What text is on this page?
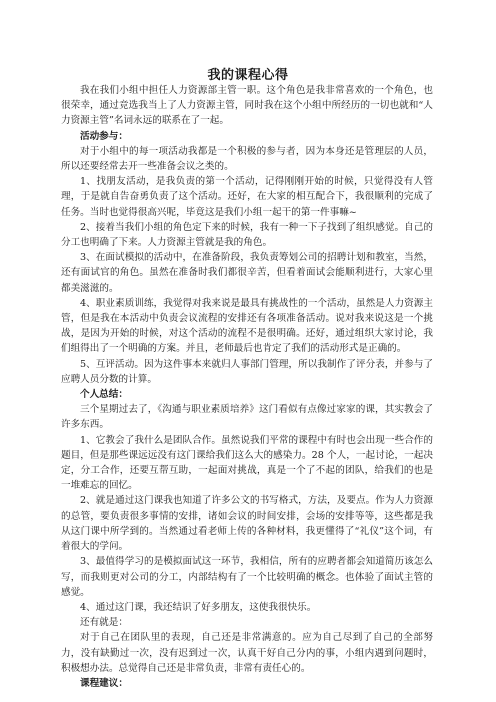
我的课程心得

我在我们小组中担任人力资源部主管一职。这个角色是我非常喜欢的一个角色，也很荣幸，通过竞选我当上了人力资源主管，同时我在这个小组中所经历的一切也就和“人力资源主管”名词永远的联系在了一起。

活动参与：

对于小组中的每一项活动我都是一个积极的参与者，因为本身还是管理层的人员，所以还要经常去开一些准备会议之类的。

1、找朋友活动，是我负责的第一个活动，记得刚刚开始的时候，只觉得没有人管理，于是就自告奋勇负责了这个活动。还好，在大家的相互配合下，我很顺利的完成了任务。当时也觉得很高兴呢，毕竟这是我们小组一起干的第一件事嘛~

2、接着当我们小组的角色定下来的时候，我有一种一下子找到了组织感觉。自己的分工也明确了下来。人力资源主管就是我的角色。

3、在面试模拟的活动中，在准备阶段，我负责筹划公司的招聘计划和教室，当然，还有面试官的角色。虽然在准备时我们都很辛苦，但看着面试会能顺利进行，大家心里都美滋滋的。

4、职业素质训练，我觉得对我来说是最具有挑战性的一个活动，虽然是人力资源主管，但是我在本活动中负责会议流程的安排还有各项准备活动。说对我来说这是一个挑战，是因为开始的时候，对这个活动的流程不是很明确。还好，通过组织大家讨论，我们组得出了一个明确的方案。并且，老师最后也肯定了我们的活动形式是正确的。

5、互评活动。因为这件事本来就归人事部门管理，所以我制作了评分表，并参与了应聘人员分数的计算。

个人总结：

三个星期过去了，《沟通与职业素质培养》这门看似有点像过家家的课，其实教会了许多东西。

1、它教会了我什么是团队合作。虽然说我们平常的课程中有时也会出现一些合作的题目，但是那些课远远没有这门课给我们这么大的感染力。28 个人，一起讨论，一起决定，分工合作，还要互帮互助，一起面对挑战，真是一个了不起的团队，给我们的也是一堆难忘的回忆。

2、就是通过这门课我也知道了许多公文的书写格式，方法，及要点。作为人力资源的总管，要负责很多事情的安排，诸如会议的时间安排，会场的安排等等，这些都是我从这门课中所学到的。当然通过看老师上传的各种材料，我更懂得了“礼仪”这个词，有着很大的学问。

3、最值得学习的是模拟面试这一环节，我相信，所有的应聘者都会知道简历该怎么写，而我则更对公司的分工，内部结构有了一个比较明确的概念。也体验了面试主管的感觉。

4、通过这门课，我还结识了好多朋友，这使我很快乐。

还有就是：

对于自己在团队里的表现，自己还是非常满意的。应为自己尽到了自己的全部努力，没有缺勤过一次，没有迟到过一次，认真干好自己分内的事，小组内遇到问题时，积极想办法。总觉得自己还是非常负责，非常有责任心的。

课程建议：
